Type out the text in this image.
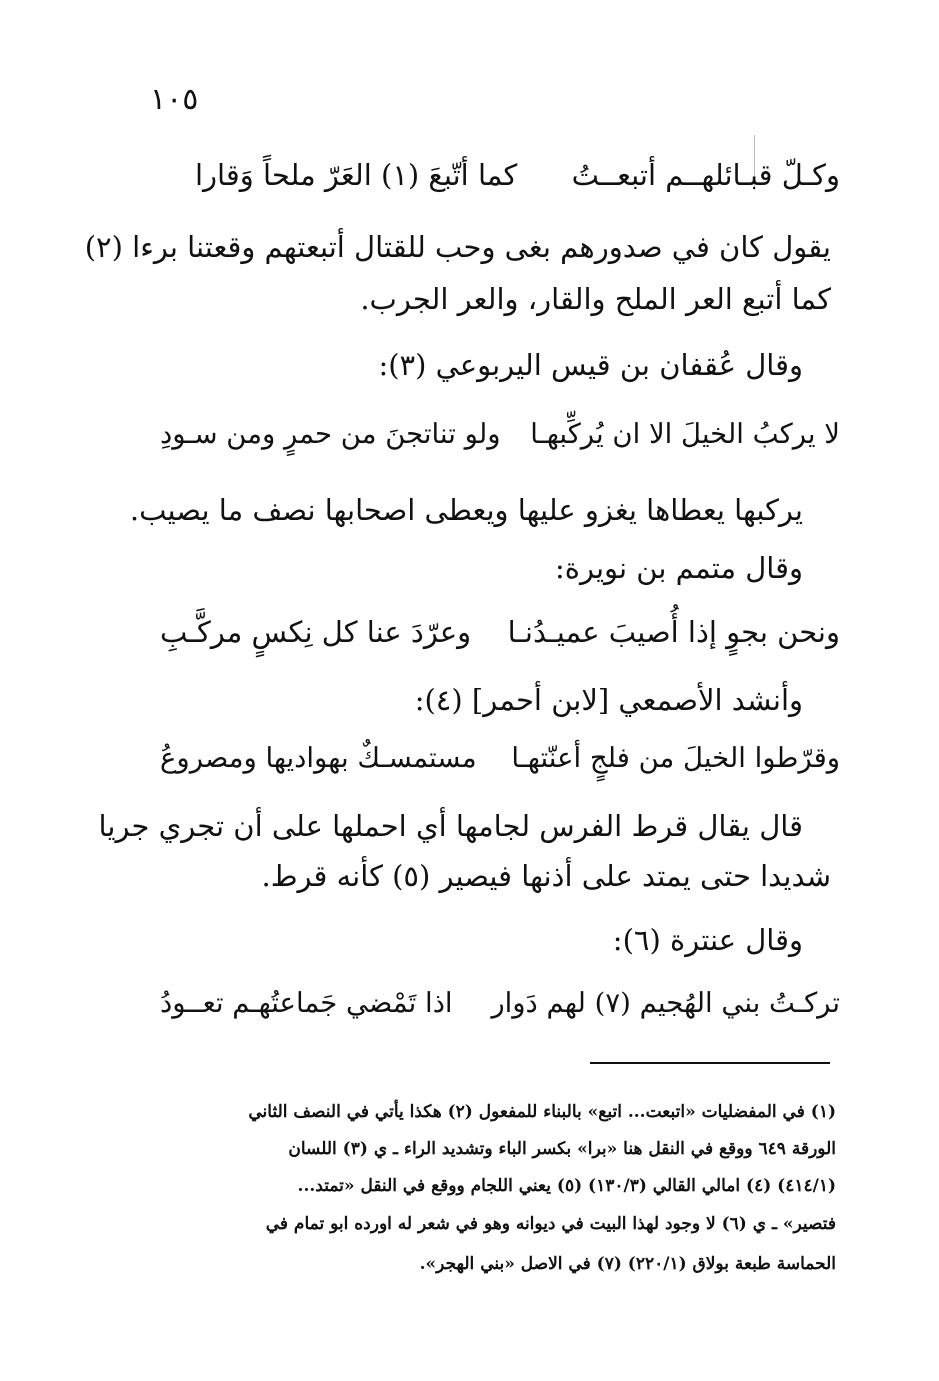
١٠٥
وكـلّ قبـائلهــم أتبعــتُ
كما أتّبعَ (١) العَرّ ملحاً وَقارا
يقول كان في صدورهم بغى وحب للقتال أتبعتهم وقعتنا برءا (٢)
كما أتبع العر الملح والقار، والعر الجرب.
وقال عُقفان بن قيس اليربوعي (٣):
لا يركبُ الخيلَ الا ان يُركِّبهـا
ولو تناتجنَ من حمرٍ ومن سـودِ
يركبها يعطاها يغزو عليها ويعطى اصحابها نصف ما يصيب.
وقال متمم بن نويرة:
ونحن بجوٍ إذا أُصيبَ عميـدُنـا
وعرّدَ عنا كل نِكسٍ مركَّـبِ
وأنشد الأصمعي [لابن أحمر] (٤):
وقرّطوا الخيلَ من فلجٍ أعنّتهـا
مستمسـكٌ بهواديها ومصروعُ
قال يقال قرط الفرس لجامها أي احملها على أن تجري جريا
شديدا حتى يمتد على أذنها فيصير (٥) كأنه قرط.
وقال عنترة (٦):
تركـتُ بني الهُجيم (٧) لهم دَوار
اذا تَمْضي جَماعتُهـم تعــودُ
(١) في المفضليات «اتبعت... اتبع» بالبناء للمفعول (٢) هكذا يأتي في النصف الثاني
الورقة ٦٤٩ ووقع في النقل هنا «برا» بكسر الباء وتشديد الراء ـ ي (٣) اللسان
(٤١٤/١) (٤) امالي القالي (١٣٠/٣) (٥) يعني اللجام ووقع في النقل «تمتد...
فتصير» ـ ي (٦) لا وجود لهذا البيت في ديوانه وهو في شعر له اورده ابو تمام في
الحماسة طبعة بولاق (٢٢٠/١) (٧) في الاصل «بني الهجر».
